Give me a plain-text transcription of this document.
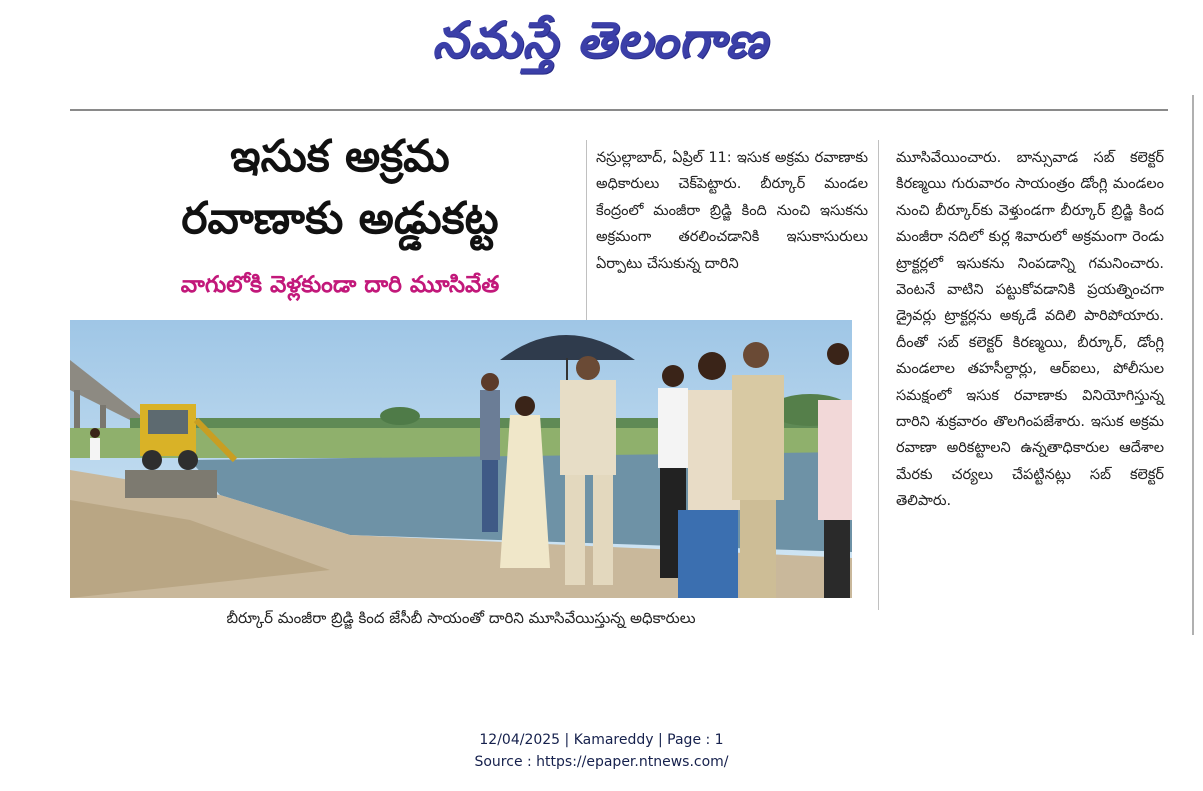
నమస్తే తెలంగాణ
ఇసుక అక్రమ
రవాణాకు అడ్డుకట్ట
వాగులోకి వెళ్లకుండా దారి మూసివేత

నస్రుల్లాబాద్‌, ఏప్రిల్‌ 11: ఇసుక అక్రమ రవాణాకు అధికారులు చెక్‌పెట్టారు. బీర్కూర్‌ మండల కేంద్రంలో మంజీరా బ్రిడ్జి కింది నుంచి ఇసుకను అక్రమంగా తరలించడానికి ఇసుకాసురులు ఏర్పాటు చేసుకున్న దారిని

మూసివేయించారు. బాన్సువాడ సబ్‌ కలెక్టర్‌ కిరణ్మయి గురువారం సాయంత్రం డోంగ్లి మండలం నుంచి బీర్కూర్‌కు వెళ్తుండగా బీర్కూర్‌ బ్రిడ్జి కింద మంజీరా నదిలో కుర్ల శివారులో అక్రమంగా రెండు ట్రాక్టర్లలో ఇసుకను నింపడాన్ని గమనించారు. వెంటనే వాటిని పట్టుకోవడానికి ప్రయత్నించగా డ్రైవర్లు ట్రాక్టర్లను అక్కడే వదిలి పారిపోయారు. దీంతో సబ్‌ కలెక్టర్‌ కిరణ్మయి, బీర్కూర్‌, డోంగ్లి మండలాల తహసీల్దార్లు, ఆర్‌ఐలు, పోలీసుల సమక్షంలో ఇసుక రవాణాకు వినియోగిస్తున్న దారిని శుక్రవారం తొలగింపజేశారు. ఇసుక అక్రమ రవాణా అరికట్టాలని ఉన్నతాధికారుల ఆదేశాల మేరకు చర్యలు చేపట్టినట్లు సబ్‌ కలెక్టర్‌ తెలిపారు.

బీర్కూర్‌ మంజీరా బ్రిడ్జి కింద జేసీబీ సాయంతో దారిని మూసివేయిస్తున్న అధికారులు
12/04/2025 | Kamareddy | Page : 1
Source : https://epaper.ntnews.com/
